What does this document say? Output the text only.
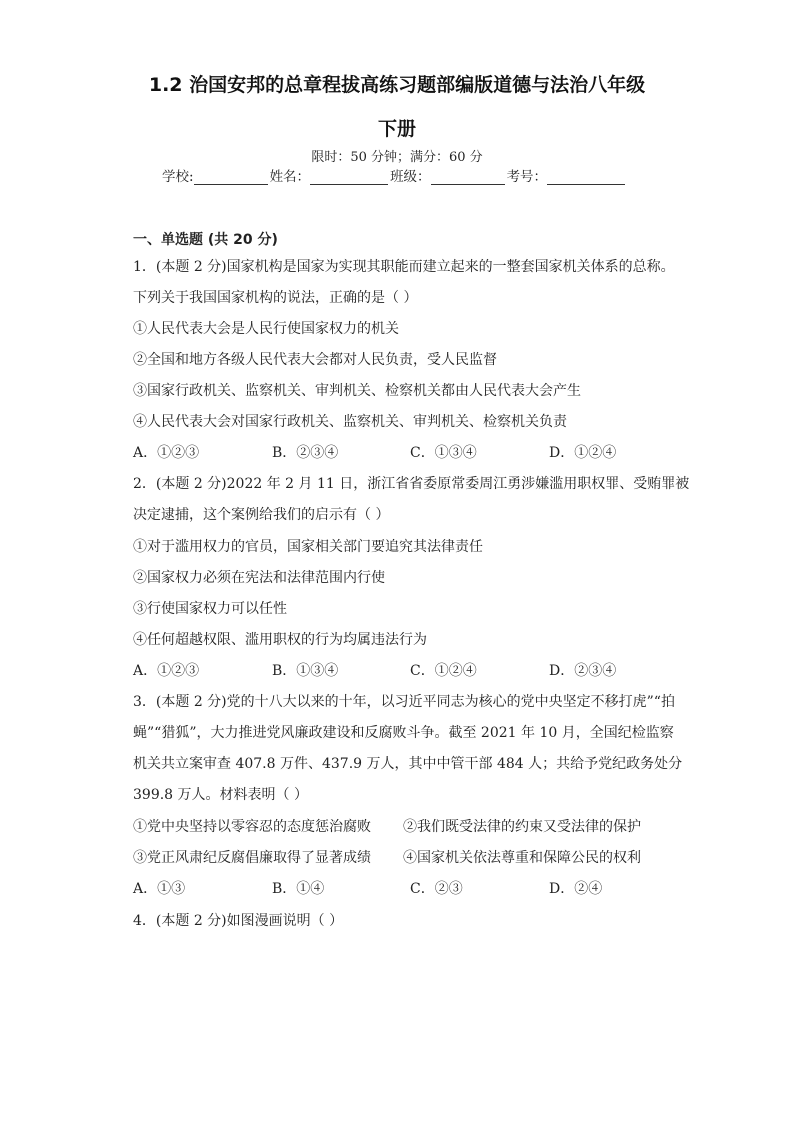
1.2 治国安邦的总章程拔高练习题部编版道德与法治八年级
下册
限时：50 分钟；满分：60 分
学校:	姓名：	班级：	考号：
一、单选题 (共 20 分)
1．(本题 2 分)国家机构是国家为实现其职能而建立起来的一整套国家机关体系的总称。
下列关于我国国家机构的说法，正确的是（ ）
①人民代表大会是人民行使国家权力的机关
②全国和地方各级人民代表大会都对人民负责，受人民监督
③国家行政机关、监察机关、审判机关、检察机关都由人民代表大会产生
④人民代表大会对国家行政机关、监察机关、审判机关、检察机关负责
A．①②③	B．②③④	C．①③④	D．①②④
2．(本题 2 分)2022 年 2 月 11 日，浙江省省委原常委周江勇涉嫌滥用职权罪、受贿罪被
决定逮捕，这个案例给我们的启示有（ ）
①对于滥用权力的官员，国家相关部门要追究其法律责任
②国家权力必须在宪法和法律范围内行使
③行使国家权力可以任性
④任何超越权限、滥用职权的行为均属违法行为
A．①②③	B．①③④	C．①②④	D．②③④
3．(本题 2 分)党的十八大以来的十年，以习近平同志为核心的党中央坚定不移打虎”“拍
蝇”“猎狐”，大力推进党风廉政建设和反腐败斗争。截至 2021 年 10 月，全国纪检监察
机关共立案审查 407.8 万件、437.9 万人，其中中管干部 484 人；共给予党纪政务处分
399.8 万人。材料表明（ ）
①党中央坚持以零容忍的态度惩治腐败 ②我们既受法律的约束又受法律的保护
③党正风肃纪反腐倡廉取得了显著成绩 ④国家机关依法尊重和保障公民的权利
A．①③	B．①④	C．②③	D．②④
4．(本题 2 分)如图漫画说明（ ）
